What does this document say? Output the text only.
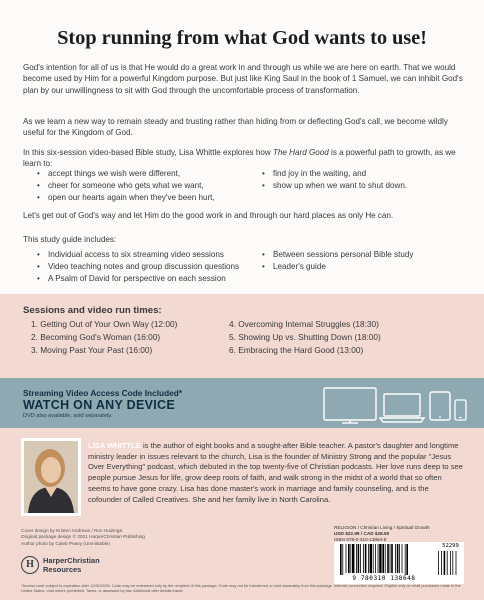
Stop running from what God wants to use!

God's intention for all of us is that He would do a great work in and through us while we are here on earth. That we would become used by Him for a powerful Kingdom purpose. But just like King Saul in the book of 1 Samuel, we can inhibit God's plan by our unwillingness to sit with God through the uncomfortable process of transformation.

As we learn a new way to remain steady and trusting rather than hiding from or deflecting God's call, we become wildly useful for the Kingdom of God.

In this six-session video-based Bible study, Lisa Whittle explores how The Hard Good is a powerful path to growth, as we learn to:

• accept things we wish were different,
• cheer for someone who gets what we want,
• open our hearts again when they've been hurt,
• find joy in the waiting, and
• show up when we want to shut down.

Let's get out of God's way and let Him do the good work in and through our hard places as only He can.

This study guide includes:

• Individual access to six streaming video sessions
• Video teaching notes and group discussion questions
• A Psalm of David for perspective on each session
• Between sessions personal Bible study
• Leader's guide
Sessions and video run times:
1. Getting Out of Your Own Way (12:00)
2. Becoming God's Woman (16:00)
3. Moving Past Your Past (16:00)
4. Overcoming Internal Struggles (18:30)
5. Showing Up vs. Shutting Down (18:00)
6. Embracing the Hard Good (13:00)
Streaming Video Access Code Included*
WATCH ON ANY DEVICE
DVD also available, sold separately.

LISA WHITTLE is the author of eight books and a sought-after Bible teacher. A pastor's daughter and longtime ministry leader in issues relevant to the church, Lisa is the founder of Ministry Strong and the popular "Jesus Over Everything" podcast, which debuted in the top twenty-five of Christian podcasts. Her love runs deep to see people pursue Jesus for life, grow deep roots of faith, and walk strong in the midst of a world that so often seems to have gone crazy. Lisa has done master's work in marriage and family counseling, and is the cofounder of Called Creatives. She and her family live in North Carolina.

Cover design by Kristen Andrews / Ron Huizinga
Original package design © 2021 HarperChristian Publishing
Author photo by Caleb Peavy (Unmistable)
H	HarperChristian
Resources
RELIGION / Christian Living / Spiritual Growth
USD $22.99 / CAD $28.50
ISBN 978-0-310-13864-8
9 780310 138648
52299

*Access code subject to expiration after 12/31/2026. Code may be redeemed only by the recipient of this package. Code may not be transferred or sold separately from this package. Internet connection required. Eligible only on retail purchases made in the United States. Void where prohibited. Taxes, or assessed by law. Additional offer details inside.
